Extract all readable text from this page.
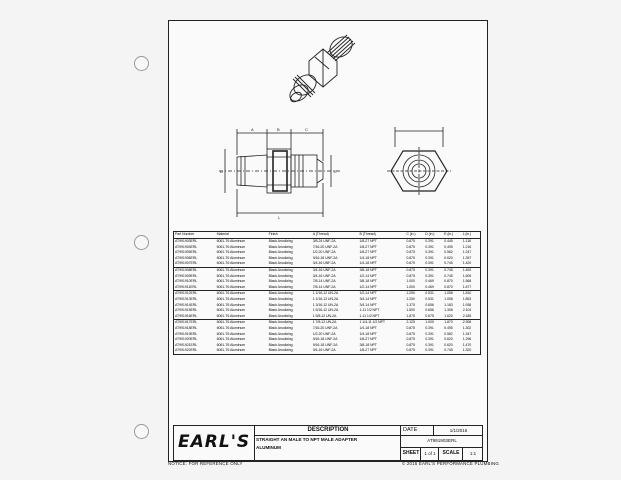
A	B	C
D	E
L
Part Number	Material	Finish	A (Thread)	B (Thread)	C (in.)	D (in.)	E (in.)	L (in.)
AT991903ERL	6061-T6 Aluminum	Black Anodizing	3/8-24 UNF-2A	1/8-27 NPT	0.875	0.391	0.445	1.118
AT991904ERL	6061-T6 Aluminum	Black Anodizing	7/16-20 UNF-2A	1/8-27 NPT	0.875	0.391	0.495	1.216
AT991905ERL	6061-T6 Aluminum	Black Anodizing	1/2-20 UNF-2A	1/8-27 NPT	0.875	0.391	0.562	1.247
AT991906ERL	6061-T6 Aluminum	Black Anodizing	9/16-18 UNF-2A	1/4-18 NPT	0.875	0.391	0.620	1.397
AT991907ERL	6061-T6 Aluminum	Black Anodizing	3/4-16 UNF-2A	1/4-18 NPT	0.875	0.391	0.745	1.420
AT991908ERL	6061-T6 Aluminum	Black Anodizing	3/4-16 UNF-2A	3/8-18 NPT	0.875	0.391	0.745	1.492
AT991909ERL	6061-T6 Aluminum	Black Anodizing	3/4-16 UNF-2A	1/2-14 NPT	0.875	0.391	0.745	1.605
AT991910ERL	6061-T6 Aluminum	Black Anodizing	7/8-14 UNF-2A	3/8-18 NPT	1.000	0.469	0.870	1.568
AT991911ERL	6061-T6 Aluminum	Black Anodizing	7/8-14 UNF-2A	1/2-14 NPT	1.000	0.469	0.870	1.677
AT991912ERL	6061-T6 Aluminum	Black Anodizing	1 1/16-12 UN-2A	1/2-14 NPT	1.250	0.531	1.058	1.810
AT991913ERL	6061-T6 Aluminum	Black Anodizing	1 1/16-12 UN-2A	3/4-14 NPT	1.250	0.531	1.058	1.853
AT991914ERL	6061-T6 Aluminum	Black Anodizing	1 3/16-12 UN-2A	3/4-14 NPT	1.375	0.656	1.183	1.938
AT991915ERL	6061-T6 Aluminum	Black Anodizing	1 5/16-12 UN-2A	1-11 1/2 NPT	1.500	0.656	1.308	2.104
AT991916ERL	6061-T6 Aluminum	Black Anodizing	1 5/8-12 UN-2A	1-11 1/2 NPT	1.875	0.875	1.620	2.185
AT991917ERL	6061-T6 Aluminum	Black Anodizing	1 7/8-12 UN-2A	1 1/4-11 1/2 NPT	2.125	1.000	1.870	2.306
AT991918ERL	6061-T6 Aluminum	Black Anodizing	7/16-20 UNF-2A	1/4-18 NPT	0.875	0.391	0.495	1.302
AT991919ERL	6061-T6 Aluminum	Black Anodizing	1/2-20 UNF-2A	1/4-18 NPT	0.875	0.391	0.562	1.347
AT991920ERL	6061-T6 Aluminum	Black Anodizing	9/16-18 UNF-2A	1/8-27 NPT	0.875	0.391	0.620	1.296
AT991921ERL	6061-T6 Aluminum	Black Anodizing	9/16-18 UNF-2A	3/8-18 NPT	0.875	0.391	0.620	1.470
AT991922ERL	6061-T6 Aluminum	Black Anodizing	3/4-16 UNF-2A	1/8-27 NPT	0.875	0.391	0.745	1.320
EARL'S
DESCRIPTION
STRAIGHT AN MALE TO NPT MALE ADAPTER
ALUMINUM
DATE	1/1/2016
AT991903ERL
SHEET	1 of 1	SCALE	1:1
NOTICE: FOR REFERENCE ONLY	© 2016 EARL'S PERFORMANCE PLUMBING
